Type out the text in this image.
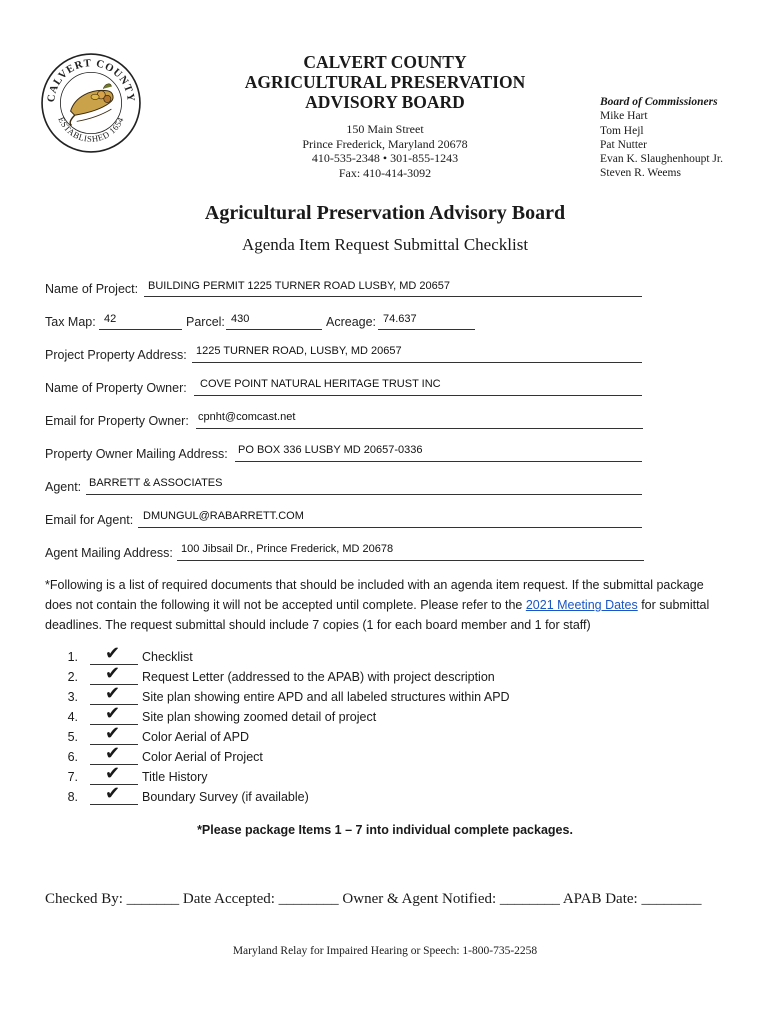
CALVERT COUNTY
ESTABLISHED 1654
CALVERT COUNTY
AGRICULTURAL PRESERVATION
ADVISORY BOARD
150 Main Street
Prince Frederick, Maryland 20678
410-535-2348 • 301-855-1243
Fax: 410-414-3092
Board of Commissioners
Mike Hart
Tom Hejl
Pat Nutter
Evan K. Slaughenhoupt Jr.
Steven R. Weems
Agricultural Preservation Advisory Board
Agenda Item Request Submittal Checklist
Name of Project: BUILDING PERMIT 1225 TURNER ROAD LUSBY, MD 20657
Tax Map: 42	Parcel: 430	Acreage: 74.637
Project Property Address: 1225 TURNER ROAD, LUSBY, MD 20657
Name of Property Owner: COVE POINT NATURAL HERITAGE TRUST INC
Email for Property Owner: cpnht@comcast.net
Property Owner Mailing Address: PO BOX 336 LUSBY MD 20657-0336
Agent: BARRETT & ASSOCIATES
Email for Agent: DMUNGUL@RABARRETT.COM
Agent Mailing Address: 100 Jibsail Dr., Prince Frederick, MD 20678
*Following is a list of required documents that should be included with an agenda item request. If the submittal package does not contain the following it will not be accepted until complete. Please refer to the 2021 Meeting Dates for submittal deadlines. The request submittal should include 7 copies (1 for each board member and 1 for staff)
1. ✔ Checklist
2. ✔ Request Letter (addressed to the APAB) with project description
3. ✔ Site plan showing entire APD and all labeled structures within APD
4. ✔ Site plan showing zoomed detail of project
5. ✔ Color Aerial of APD
6. ✔ Color Aerial of Project
7. ✔ Title History
8. ✔ Boundary Survey (if available)
*Please package Items 1 – 7 into individual complete packages.
Checked By: _______ Date Accepted: ________ Owner & Agent Notified: ________ APAB Date: ________
Maryland Relay for Impaired Hearing or Speech: 1-800-735-2258
